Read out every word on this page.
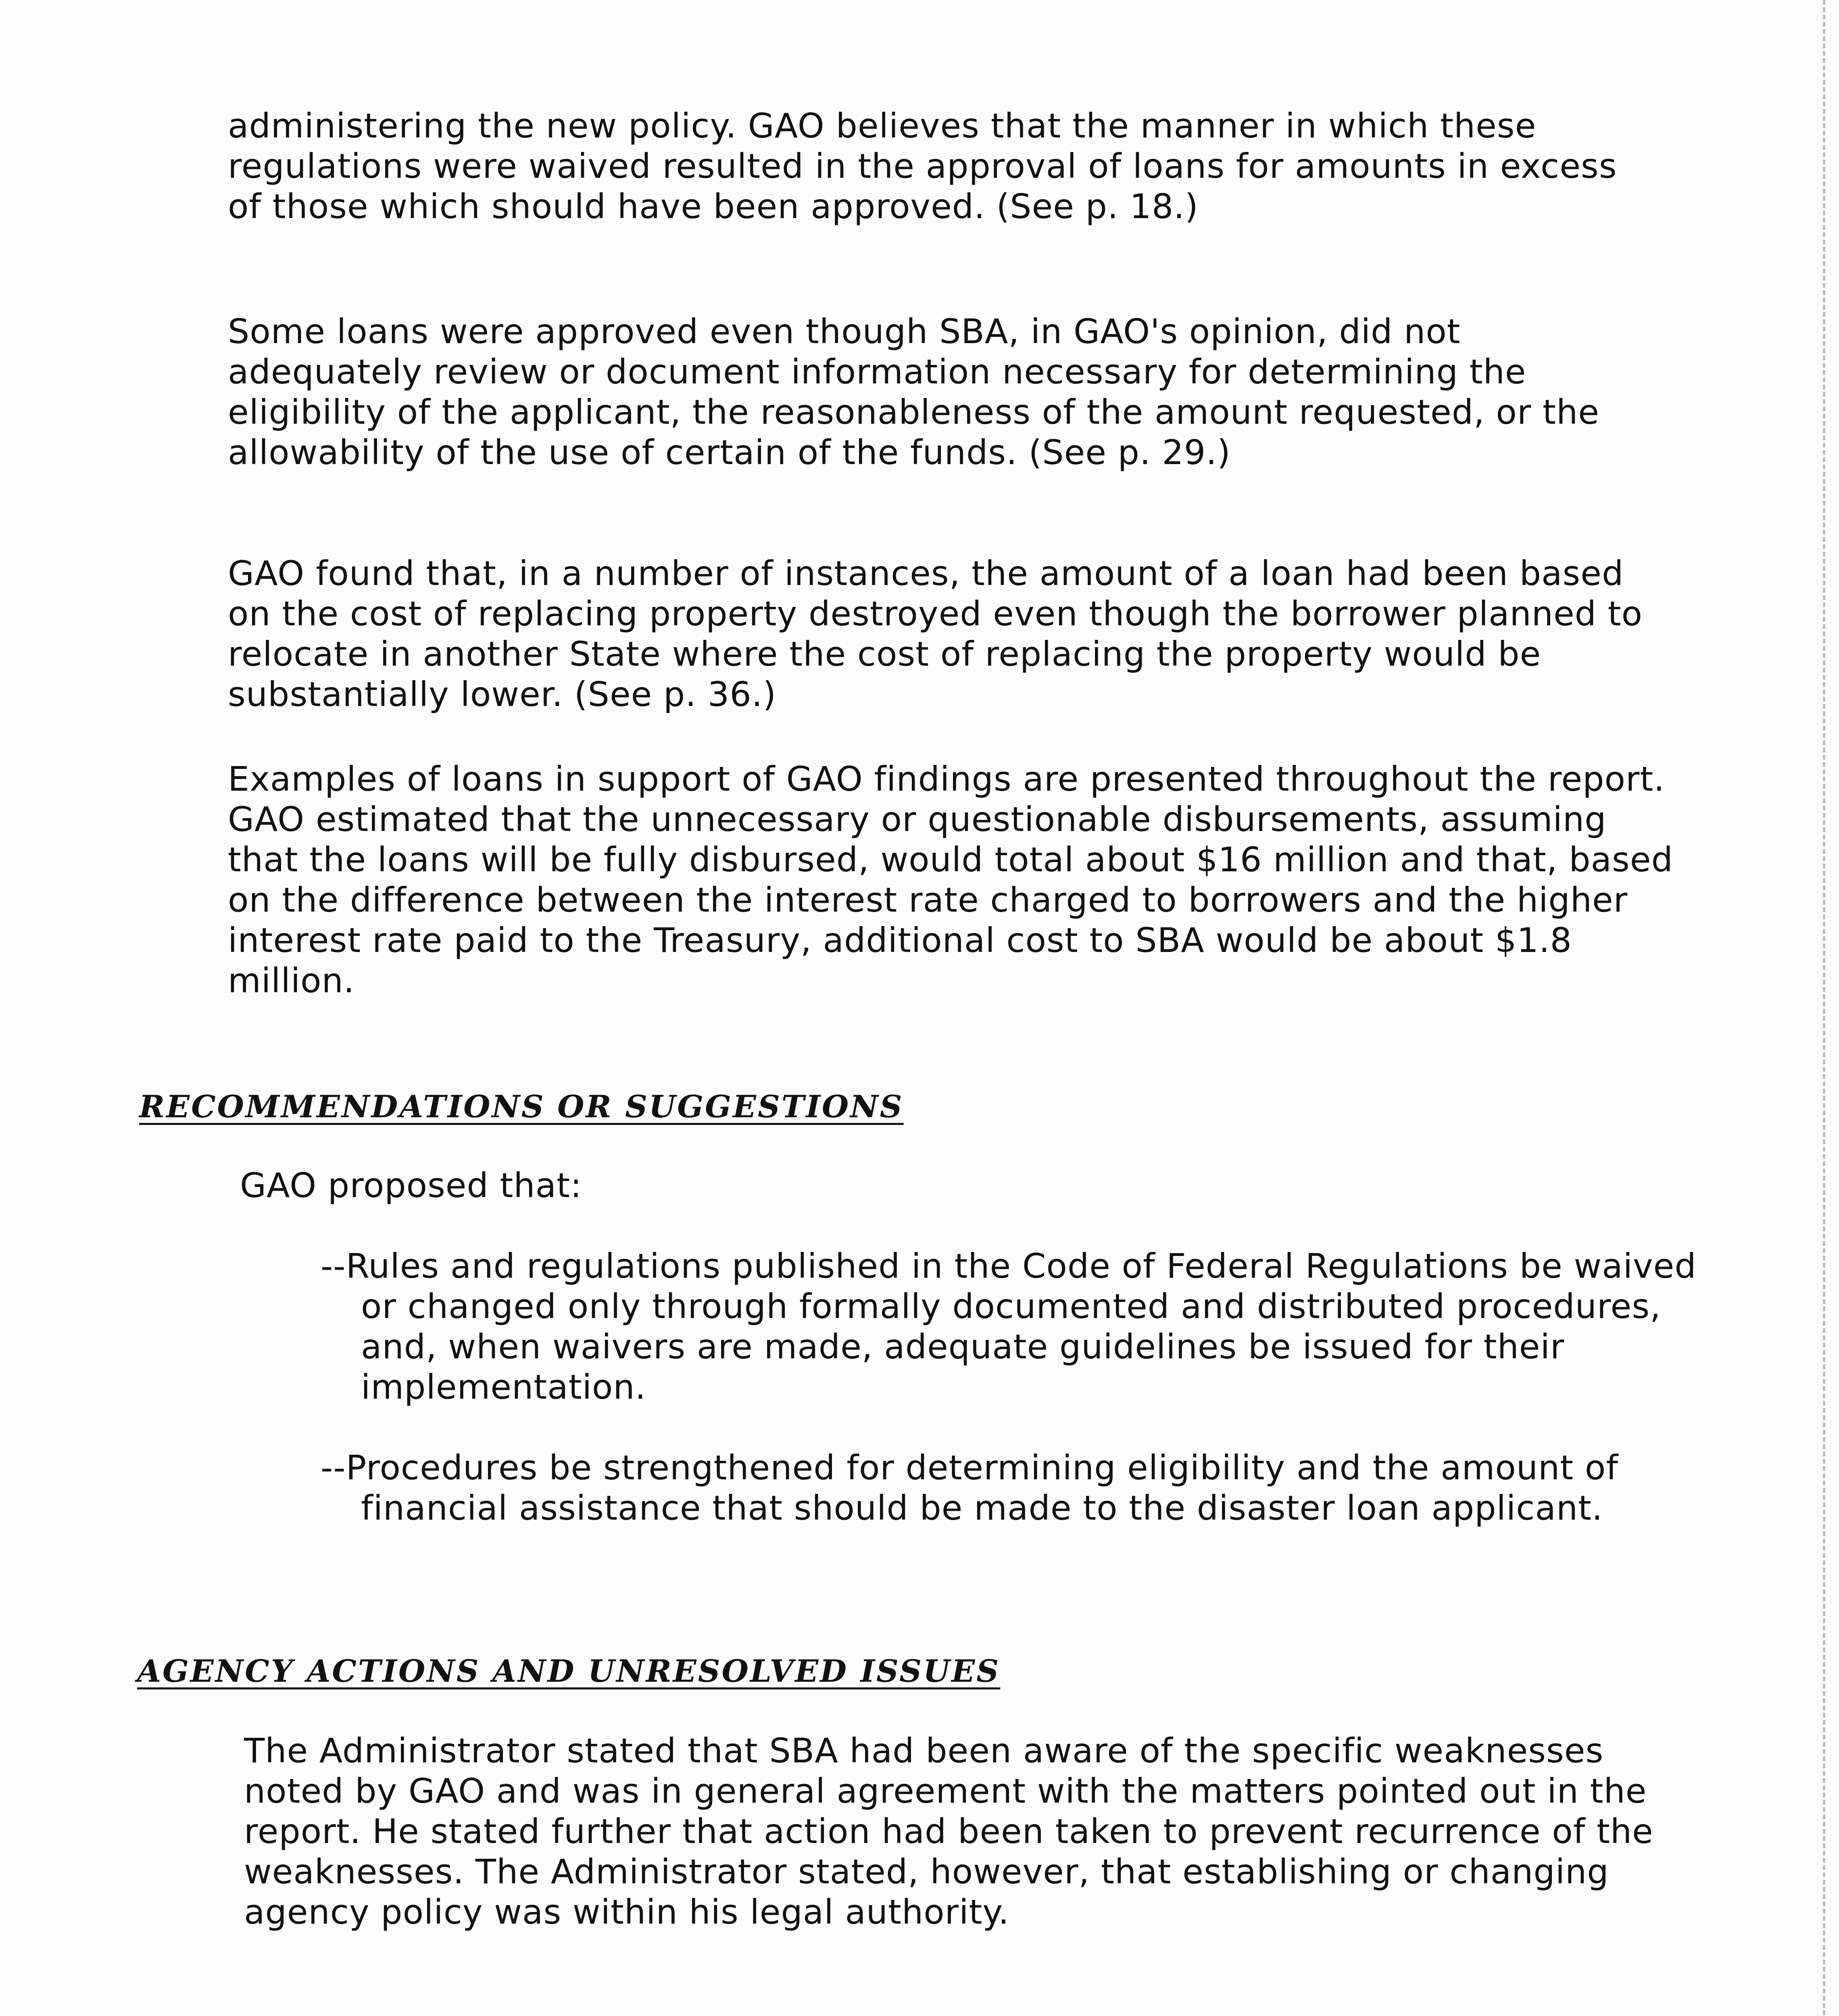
administering the new policy. GAO believes that the manner in which these regulations were waived resulted in the approval of loans for amounts in excess of those which should have been approved. (See p. 18.)

Some loans were approved even though SBA, in GAO's opinion, did not adequately review or document information necessary for determining the eligibility of the applicant, the reasonableness of the amount requested, or the allowability of the use of certain of the funds. (See p. 29.)

GAO found that, in a number of instances, the amount of a loan had been based on the cost of replacing property destroyed even though the borrower planned to relocate in another State where the cost of replacing the property would be substantially lower. (See p. 36.)

Examples of loans in support of GAO findings are presented throughout the report. GAO estimated that the unnecessary or questionable disbursements, assuming that the loans will be fully disbursed, would total about $16 million and that, based on the difference between the interest rate charged to borrowers and the higher interest rate paid to the Treasury, additional cost to SBA would be about $1.8 million.

RECOMMENDATIONS OR SUGGESTIONS

GAO proposed that:

--Rules and regulations published in the Code of Federal Regulations be waived or changed only through formally documented and distributed procedures, and, when waivers are made, adequate guidelines be issued for their implementation.

--Procedures be strengthened for determining eligibility and the amount of financial assistance that should be made to the disaster loan applicant.

AGENCY ACTIONS AND UNRESOLVED ISSUES

The Administrator stated that SBA had been aware of the specific weaknesses noted by GAO and was in general agreement with the matters pointed out in the report. He stated further that action had been taken to prevent recurrence of the weaknesses. The Administrator stated, however, that establishing or changing agency policy was within his legal authority.
